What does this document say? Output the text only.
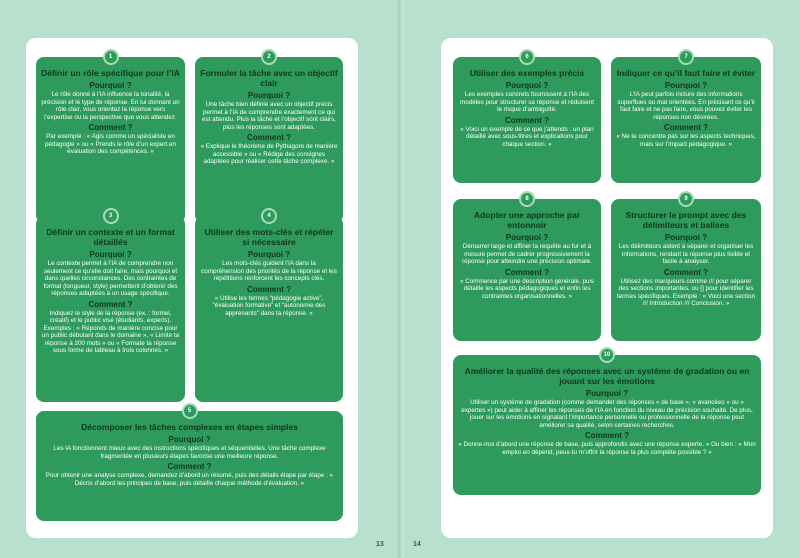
1

Définir un rôle spécifique pour l’IA

Pourquoi ?

Le rôle donné à l’IA influence la tonalité, la précision et le type de réponse. En lui donnant un rôle clair, vous orientez la réponse vers l’expertise ou la perspective que vous attendez.

Comment ?

Par exemple : « Agis comme un spécialiste en pédagogie » ou « Prends le rôle d’un expert en évaluation des compétences. »

2

Formuler la tâche avec un objectif clair

Pourquoi ?

Une tâche bien définie avec un objectif précis permet à l’IA de comprendre exactement ce qui est attendu. Plus la tâche et l’objectif sont clairs, plus les réponses sont adaptées.

Comment ?

« Explique le théorème de Pythagore de manière accessible » ou « Rédige des consignes adaptées pour réaliser cette tâche complexe. »

3

Définir un contexte et un format détaillés

Pourquoi ?

Le contexte permet à l’IA de comprendre non seulement ce qu’elle doit faire, mais pourquoi et dans quelles circonstances. Des contraintes de format (longueur, style) permettent d’obtenir des réponses adaptées à un usage spécifique.

Comment ?

Indiquez le style de la réponse (ex. : formel, créatif) et le public visé (étudiants, experts). Exemples : « Réponds de manière concise pour un public débutant dans le domaine », « Limite ta réponse à 200 mots » ou « Formate ta réponse sous forme de tableau à trois colonnes. »

4

Utiliser des mots-clés et répéter si nécessaire

Pourquoi ?

Les mots-clés guident l’IA dans la compréhension des priorités de la réponse et les répétitions renforcent les concepts clés.

Comment ?

« Utilise les termes “pédagogie active”, “évaluation formative” et “autonomie des apprenants” dans ta réponse. »

5

Décomposer les tâches complexes en étapes simples

Pourquoi ?

Les IA fonctionnent mieux avec des instructions spécifiques et séquentielles. Une tâche complexe fragmentée en plusieurs étapes favorise une meilleure réponse.

Comment ?

Pour obtenir une analyse complexe, demandez d’abord un résumé, puis des détails étape par étape : « Décris d’abord les principes de base, puis détaille chaque méthode d’évaluation. »

6

Utiliser des exemples précis

Pourquoi ?

Les exemples concrets fournissent à l’IA des modèles pour structurer sa réponse et réduisent le risque d’ambiguïté.

Comment ?

« Voici un exemple de ce que j’attends : un plan détaillé avec sous-titres et explications pour chaque section. »

7

Indiquer ce qu’il faut faire et éviter

Pourquoi ?

L’IA peut parfois inclure des informations superflues ou mal orientées. En précisant ce qu’il faut faire et ne pas faire, vous pouvez éviter les réponses non désirées.

Comment ?

« Ne te concentre pas sur les aspects techniques, mais sur l’impact pédagogique. »

8

Adopter une approche par entonnoir

Pourquoi ?

Démarrer large et affiner la requête au fur et à mesure permet de cadrer progressivement la réponse pour atteindre une précision optimale.

Comment ?

« Commence par une description générale, puis détaille les aspects pédagogiques et enfin les contraintes organisationnelles. »

9

Structurer le prompt avec des délimiteurs et balises

Pourquoi ?

Les délimiteurs aident à séparer et organiser les informations, rendant la réponse plus lisible et facile à analyser.

Comment ?

Utilisez des marqueurs comme /// pour séparer des sections importantes, ou [] pour identifier les termes spécifiques. Exemple : « Voici une section /// Introduction /// Conclusion. »

10

Améliorer la qualité des réponses avec un système de gradation ou en jouant sur les émotions

Pourquoi ?

Utiliser un système de gradation (comme demander des réponses « de base », « avancées » ou « expertes ») peut aider à affiner les réponses de l’IA en fonction du niveau de précision souhaité. De plus, jouer sur les émotions en signalant l’importance personnelle ou professionnelle de la réponse peut améliorer sa qualité, selon certaines recherches.

Comment ?

« Donne-moi d’abord une réponse de base, puis approfondis avec une réponse experte. » Ou bien : « Mon emploi en dépend, peux-tu m’offrir la réponse la plus complète possible ? »

13	14
